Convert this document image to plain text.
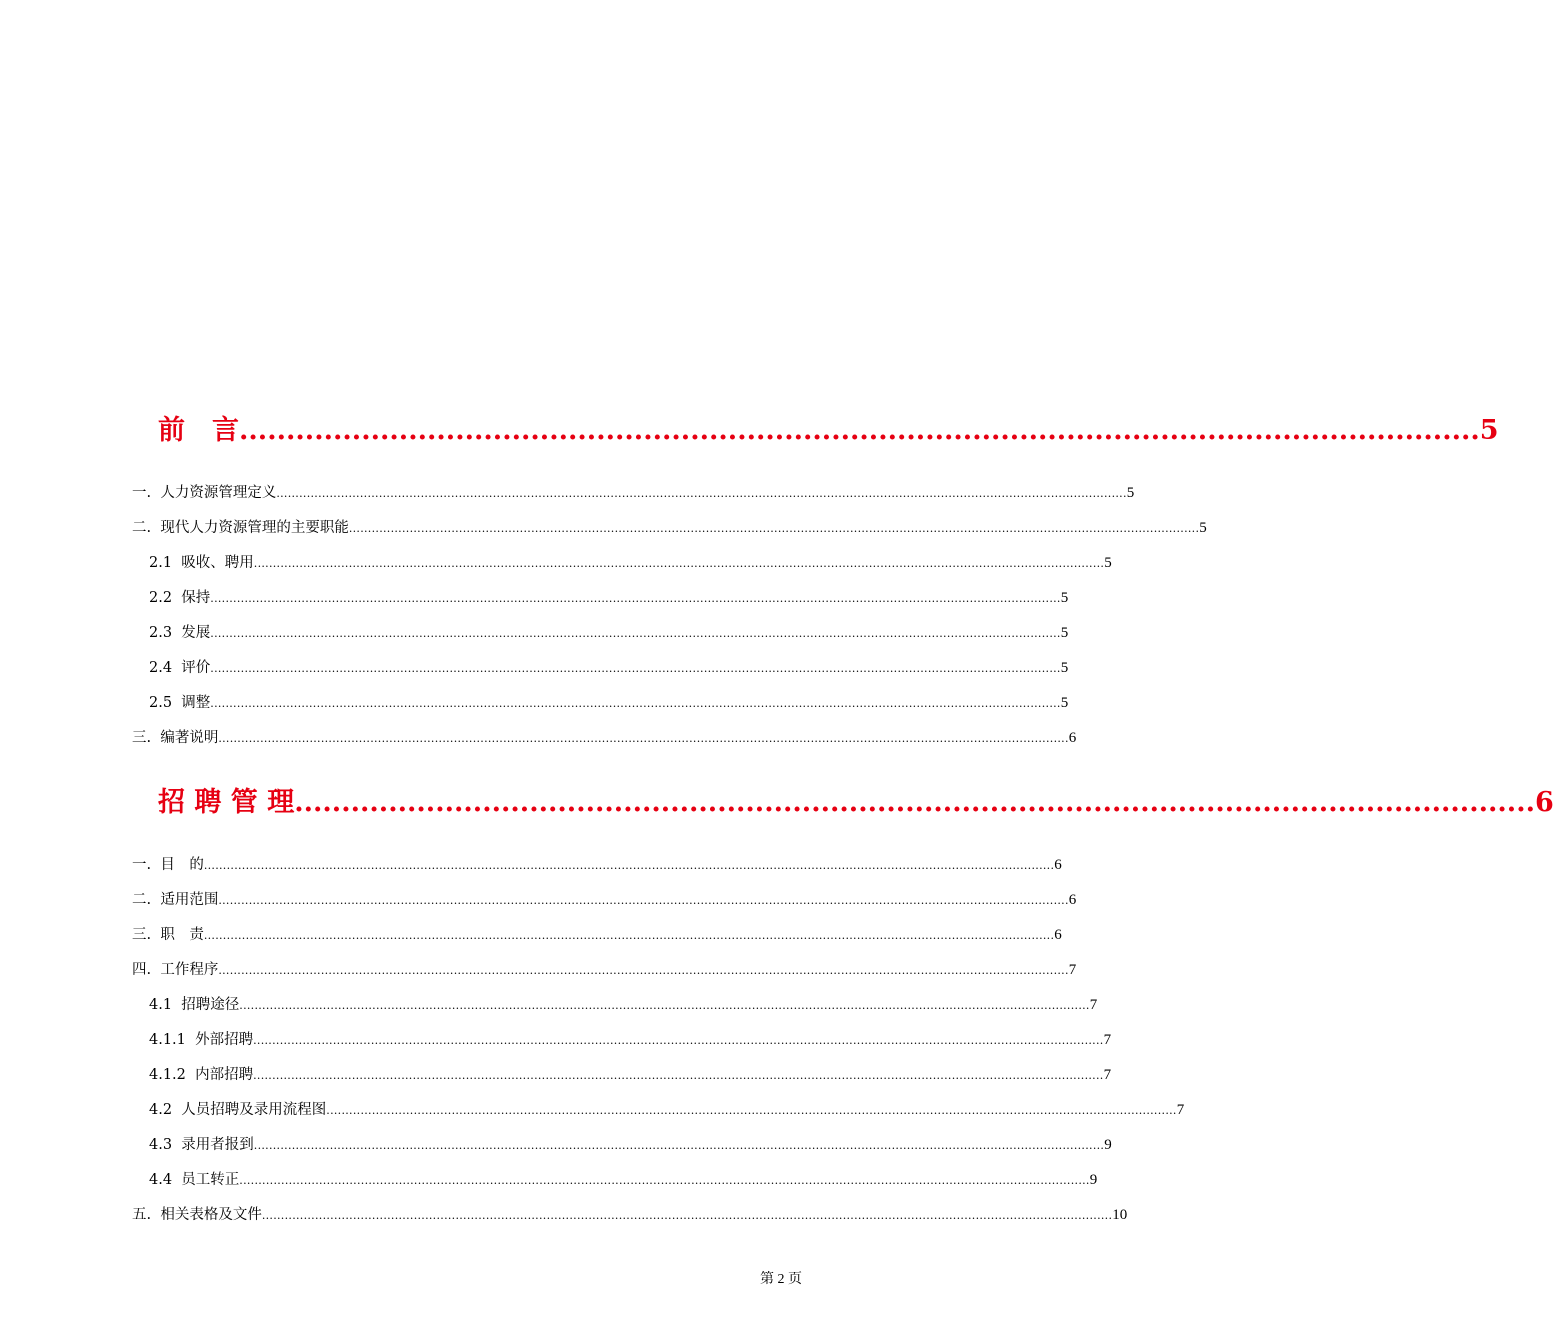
前　言 .................................................................................................................................... 5
一.
人力资源管理定义 ................................................................................................................................................................................................................................ 5
二.
现代人力资源管理的主要职能 ................................................................................................................................................................................................................................ 5
2.1
吸收、聘用 ................................................................................................................................................................................................................................ 5
2.2
保持 ................................................................................................................................................................................................................................ 5
2.3
发展 ................................................................................................................................................................................................................................ 5
2.4
评价 ................................................................................................................................................................................................................................ 5
2.5
调整 ................................................................................................................................................................................................................................ 5
三.
编著说明 ................................................................................................................................................................................................................................ 6
招 聘 管 理 .................................................................................................................................... 6
一.
目　的 ................................................................................................................................................................................................................................ 6
二.
适用范围 ................................................................................................................................................................................................................................ 6
三.
职　责 ................................................................................................................................................................................................................................ 6
四.
工作程序 ................................................................................................................................................................................................................................ 7
4.1
招聘途径 ................................................................................................................................................................................................................................ 7
4.1.1
外部招聘 ................................................................................................................................................................................................................................ 7
4.1.2
内部招聘 ................................................................................................................................................................................................................................ 7
4.2
人员招聘及录用流程图 ................................................................................................................................................................................................................................ 7
4.3
录用者报到 ................................................................................................................................................................................................................................ 9
4.4
员工转正 ................................................................................................................................................................................................................................ 9
五.
相关表格及文件 ................................................................................................................................................................................................................................ 10
第 2 页
